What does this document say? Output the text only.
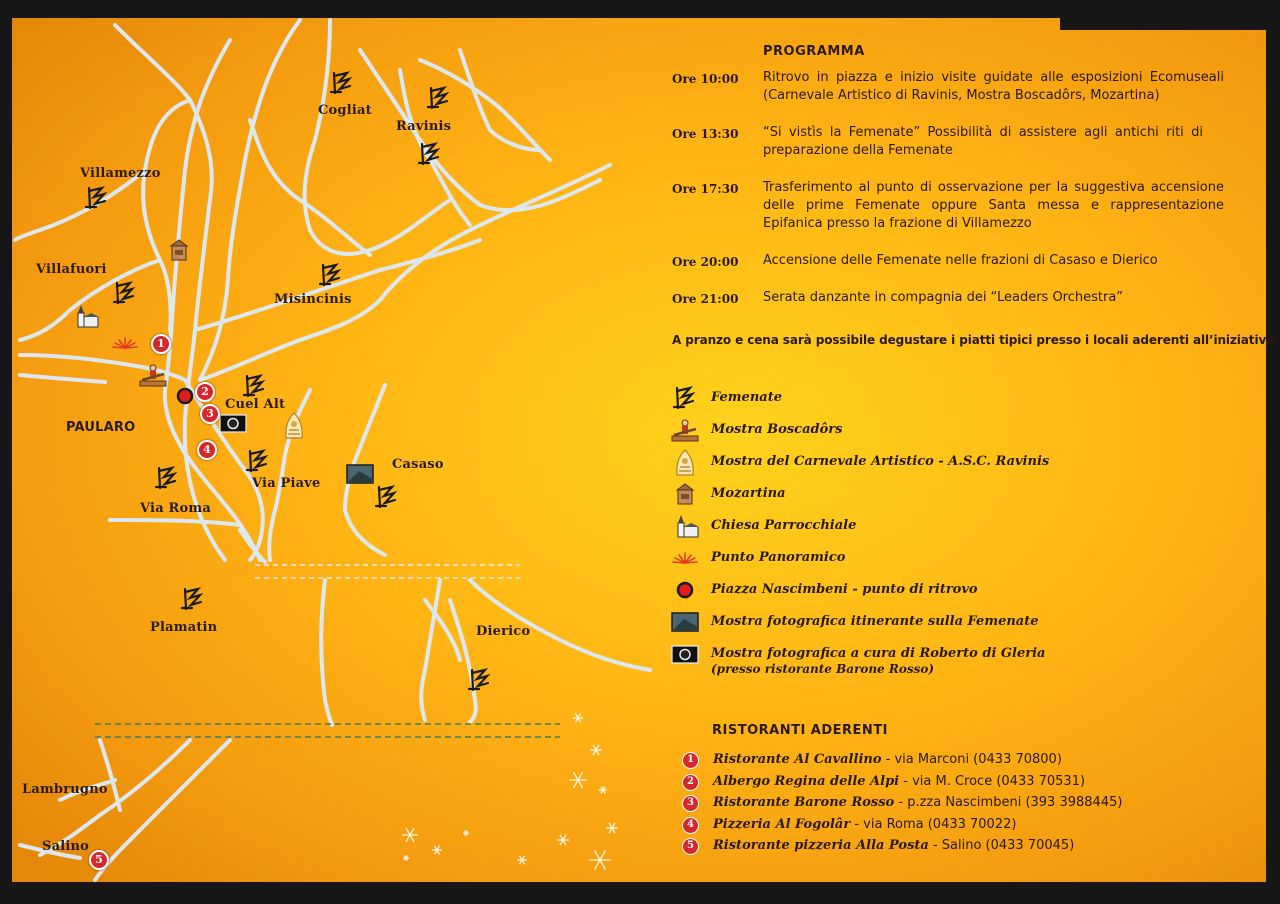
Cogliat
Ravinis
Villamezzo
Villafuori
Misincinis
PAULARO
Cuel Alt
Via Roma
Via Piave
Casaso
Plamatin	Dierico
Lambrugno
Salino
1
2
3
4
5
PROGRAMMA
Ore 10:00	Ritrovo in piazza e inizio visite guidate alle esposizioni Ecomuseali (Carnevale Artistico di Ravinis, Mostra Boscadôrs, Mozartina)
Ore 13:30	“Si vistìs la Femenate” Possibilità di assistere agli antichi riti di preparazione della Femenate
Ore 17:30	Trasferimento al punto di osservazione per la suggestiva accensione delle prime Femenate oppure Santa messa e rappresentazione Epifanica presso la frazione di Villamezzo
Ore 20:00	Accensione delle Femenate nelle frazioni di Casaso e Dierico
Ore 21:00	Serata danzante in compagnia dei “Leaders Orchestra”
A pranzo e cena sarà possibile degustare i piatti tipici presso i locali aderenti all’iniziativa.
Femenate
Mostra Boscadôrs
Mostra del Carnevale Artistico - A.S.C. Ravinis
Mozartina
Chiesa Parrocchiale
Punto Panoramico
Piazza Nascimbeni - punto di ritrovo
Mostra fotografica itinerante sulla Femenate
Mostra fotografica a cura di Roberto di Gleria
(presso ristorante Barone Rosso)
RISTORANTI ADERENTI
1	Ristorante Al Cavallino - via Marconi (0433 70800)
2	Albergo Regina delle Alpi - via M. Croce (0433 70531)
3	Ristorante Barone Rosso - p.zza Nascimbeni (393 3988445)
4	Pizzeria Al Fogolâr - via Roma (0433 70022)
5	Ristorante pizzeria Alla Posta - Salino (0433 70045)
